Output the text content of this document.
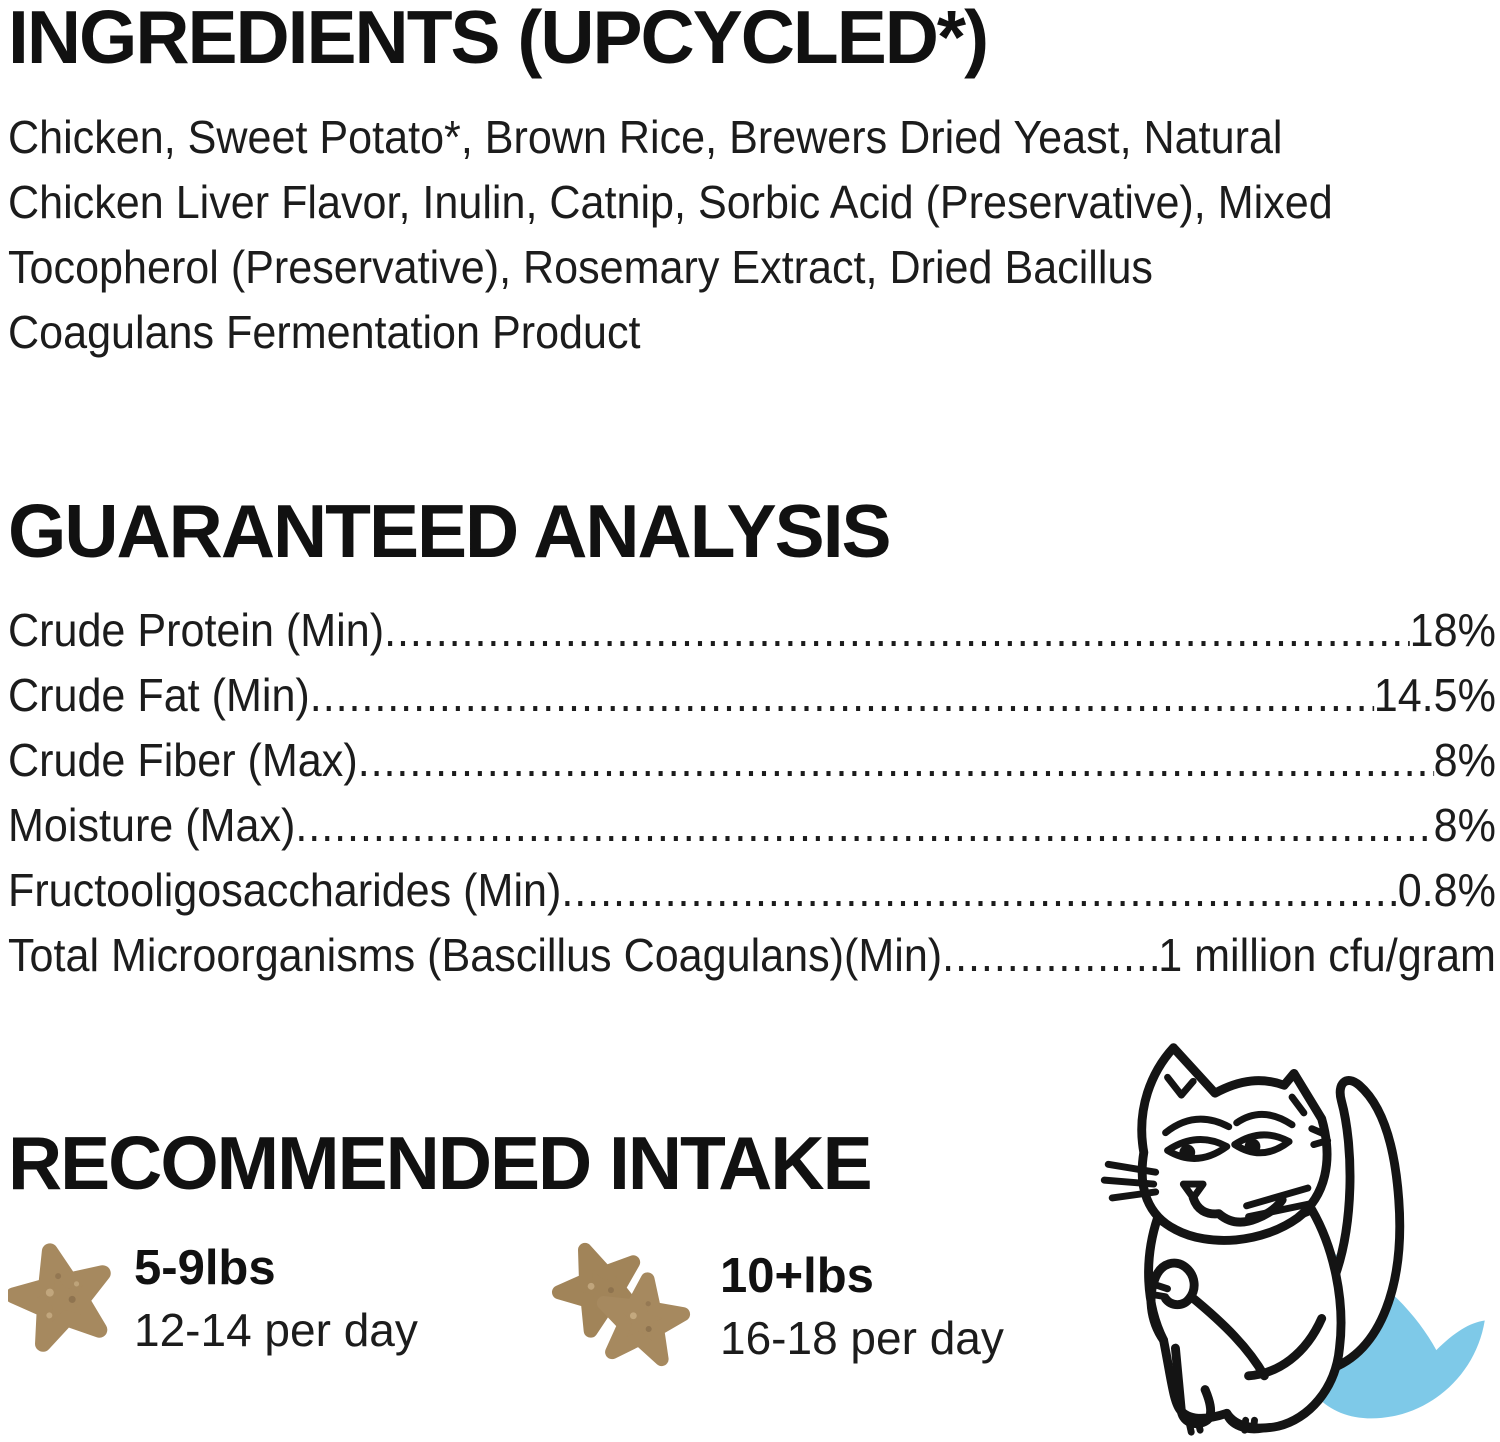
INGREDIENTS (UPCYCLED*)
Chicken, Sweet Potato*, Brown Rice, Brewers Dried Yeast, Natural
Chicken Liver Flavor, Inulin, Catnip, Sorbic Acid (Preservative), Mixed
Tocopherol (Preservative), Rosemary Extract, Dried Bacillus
Coagulans Fermentation Product
GUARANTEED ANALYSIS
Crude Protein (Min) .....	18%
Crude Fat (Min) .....	14.5%
Crude Fiber (Max) .....	8%
Moisture (Max) .....	8%
Fructooligosaccharides (Min) .....	0.8%
Total Microorganisms (Bascillus Coagulans)(Min) .....	1 million cfu/gram
RECOMMENDED INTAKE
5-9lbs
12-14 per day
10+lbs
16-18 per day
